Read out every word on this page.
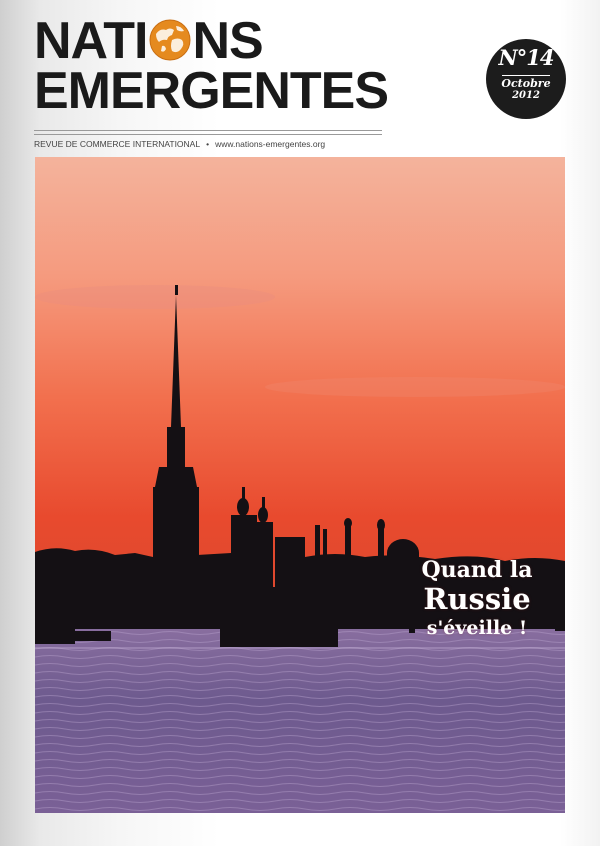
NATI NS
EMERGENTES
REVUE DE COMMERCE INTERNATIONAL • www.nations-emergentes.org
N°14
Octobre
2012
Quand la
Russie
s'éveille !
